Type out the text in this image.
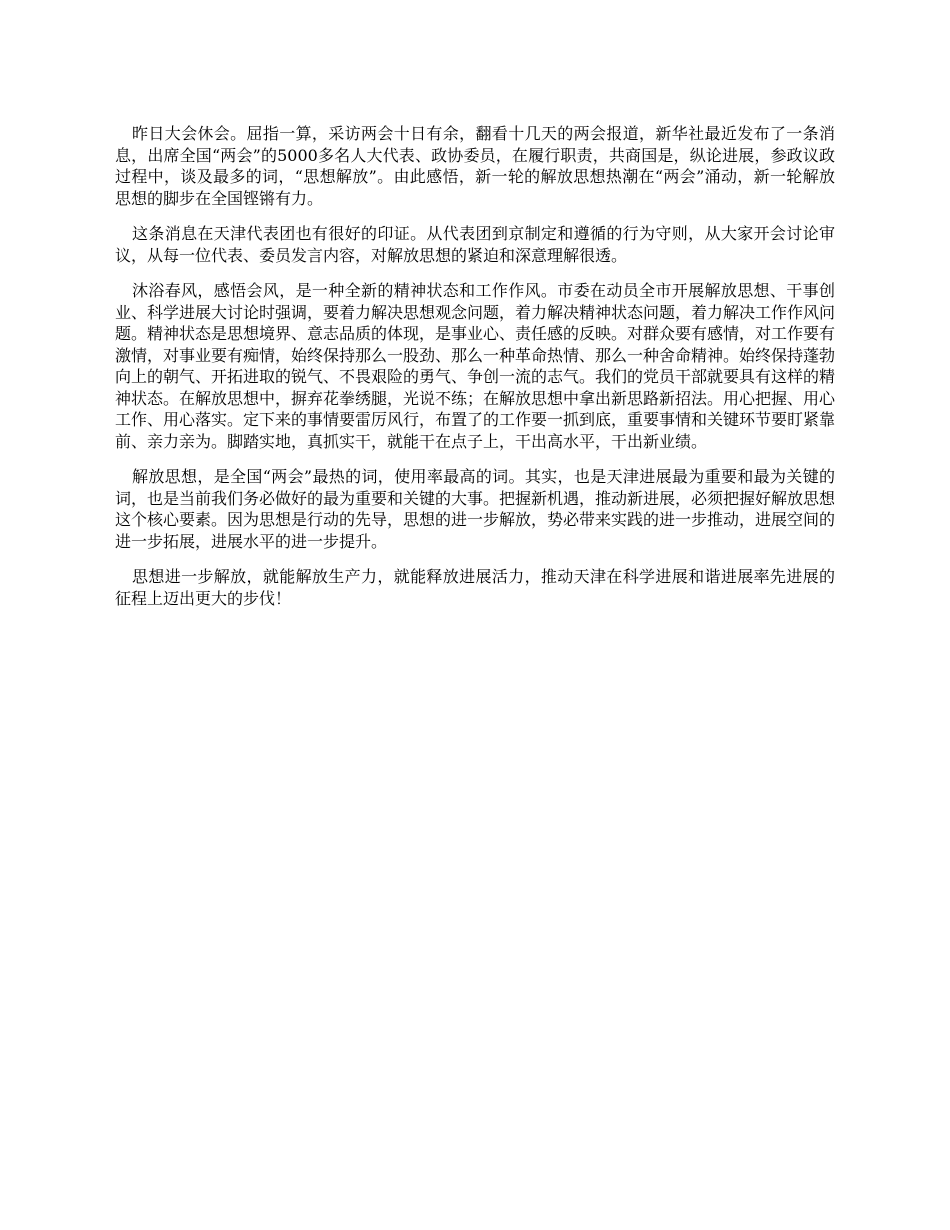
昨日大会休会。屈指一算，采访两会十日有余，翻看十几天的两会报道，新华社最近发布了一条消息，出席全国“两会”的5000多名人大代表、政协委员，在履行职责，共商国是，纵论进展，参政议政过程中，谈及最多的词，“思想解放”。由此感悟，新一轮的解放思想热潮在“两会”涌动，新一轮解放思想的脚步在全国铿锵有力。

这条消息在天津代表团也有很好的印证。从代表团到京制定和遵循的行为守则，从大家开会讨论审议，从每一位代表、委员发言内容，对解放思想的紧迫和深意理解很透。

沐浴春风，感悟会风，是一种全新的精神状态和工作作风。市委在动员全市开展解放思想、干事创业、科学进展大讨论时强调，要着力解决思想观念问题，着力解决精神状态问题，着力解决工作作风问题。精神状态是思想境界、意志品质的体现，是事业心、责任感的反映。对群众要有感情，对工作要有激情，对事业要有痴情，始终保持那么一股劲、那么一种革命热情、那么一种舍命精神。始终保持蓬勃向上的朝气、开拓进取的锐气、不畏艰险的勇气、争创一流的志气。我们的党员干部就要具有这样的精神状态。在解放思想中，摒弃花拳绣腿，光说不练；在解放思想中拿出新思路新招法。用心把握、用心工作、用心落实。定下来的事情要雷厉风行，布置了的工作要一抓到底，重要事情和关键环节要盯紧靠前、亲力亲为。脚踏实地，真抓实干，就能干在点子上，干出高水平，干出新业绩。

解放思想，是全国“两会”最热的词，使用率最高的词。其实，也是天津进展最为重要和最为关键的词，也是当前我们务必做好的最为重要和关键的大事。把握新机遇，推动新进展，必须把握好解放思想这个核心要素。因为思想是行动的先导，思想的进一步解放，势必带来实践的进一步推动，进展空间的进一步拓展，进展水平的进一步提升。

思想进一步解放，就能解放生产力，就能释放进展活力，推动天津在科学进展和谐进展率先进展的征程上迈出更大的步伐！
